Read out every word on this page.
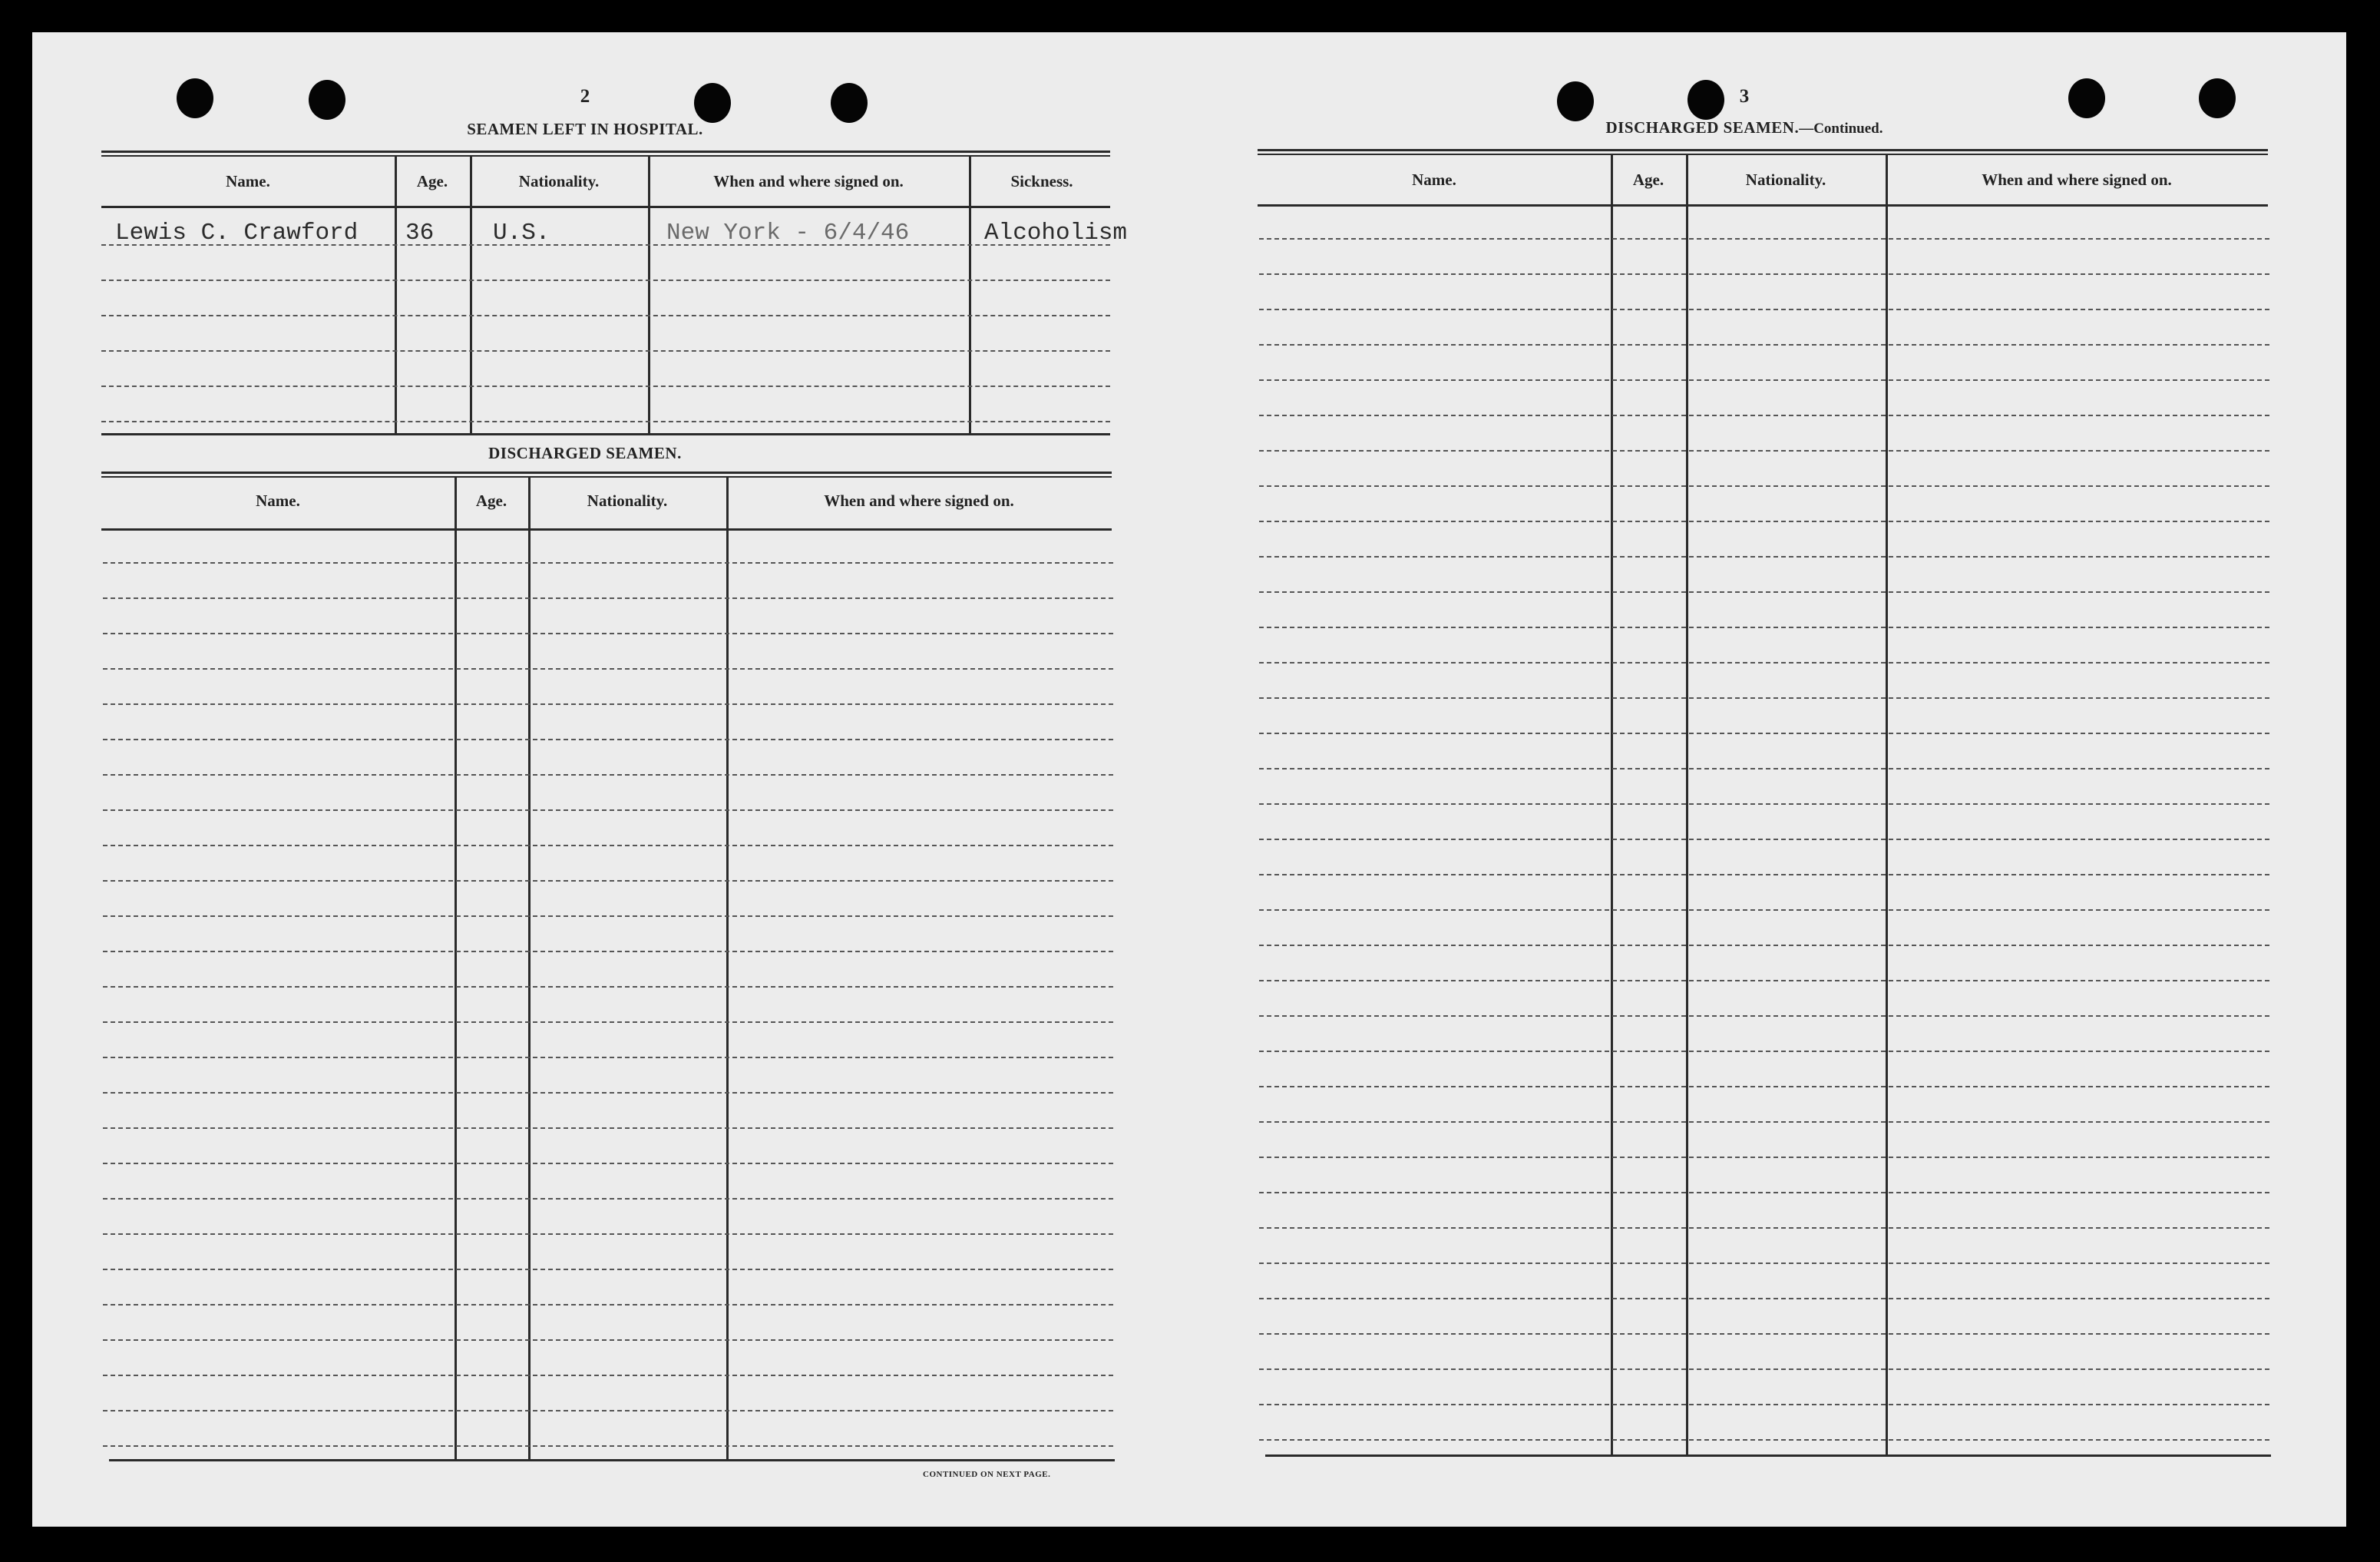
2
SEAMEN LEFT IN HOSPITAL.
Name.	Age.	Nationality.	When and where signed on.	Sickness.
Lewis C. Crawford 36 U.S.	New York - 6/4/46	Alcoholism
DISCHARGED SEAMEN.
Name.	Age.	Nationality.	When and where signed on.
CONTINUED ON NEXT PAGE.
3
DISCHARGED SEAMEN.—Continued.
Name.	Age.	Nationality.	When and where signed on.
